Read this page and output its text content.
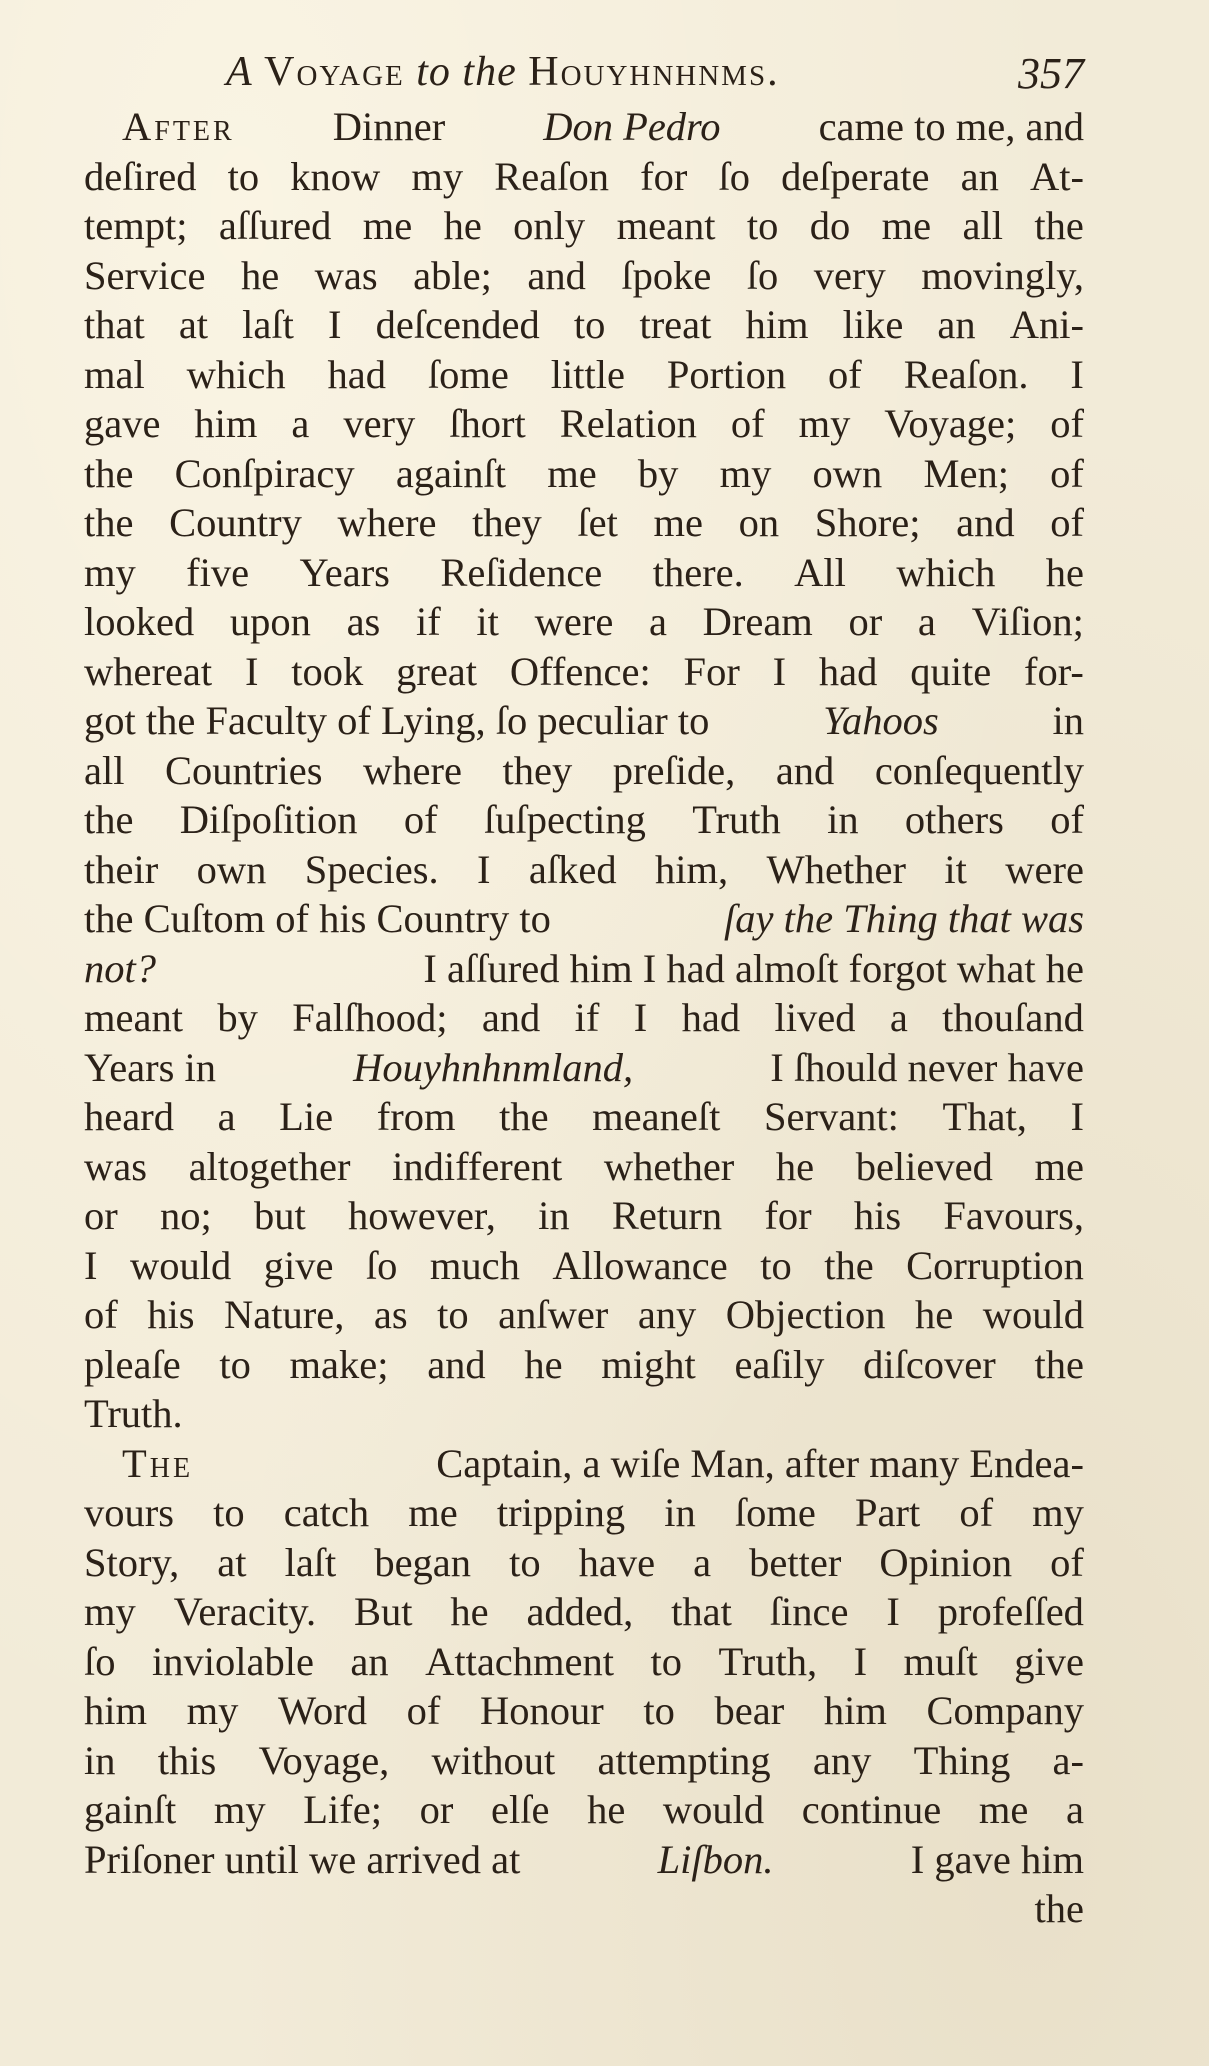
A Voyage to the Houyhnhnms.	357
After Dinner Don Pedro came to me, and
deſired to know my Reaſon for ſo deſperate an At-
tempt; aſſured me he only meant to do me all the
Service he was able; and ſpoke ſo very movingly,
that at laſt I deſcended to treat him like an Ani-
mal which had ſome little Portion of Reaſon. I
gave him a very ſhort Relation of my Voyage; of
the Conſpiracy againſt me by my own Men; of
the Country where they ſet me on Shore; and of
my five Years Reſidence there. All which he
looked upon as if it were a Dream or a Viſion;
whereat I took great Offence: For I had quite for-
got the Faculty of Lying, ſo peculiar to	Yahoos	in
all Countries where they preſide, and conſequently
the Diſpoſition of ſuſpecting Truth in others of
their own Species. I aſked him, Whether it were
the Cuſtom of his Country to	ſay the Thing that was
not?	I aſſured him I had almoſt forgot what he
meant by Falſhood; and if I had lived a thouſand
Years in	Houyhnhnmland,	I ſhould never have
heard a Lie from the meaneſt Servant: That, I
was altogether indifferent whether he believed me
or no; but however, in Return for his Favours,
I would give ſo much Allowance to the Corruption
of his Nature, as to anſwer any Objection he would
pleaſe to make; and he might eaſily diſcover the
Truth.
The	Captain, a wiſe Man, after many Endea-
vours to catch me tripping in ſome Part of my
Story, at laſt began to have a better Opinion of
my Veracity. But he added, that ſince I profeſſed
ſo inviolable an Attachment to Truth, I muſt give
him my Word of Honour to bear him Company
in this Voyage, without attempting any Thing a-
gainſt my Life; or elſe he would continue me a
Priſoner until we arrived at	Liſbon.	I gave him
the
